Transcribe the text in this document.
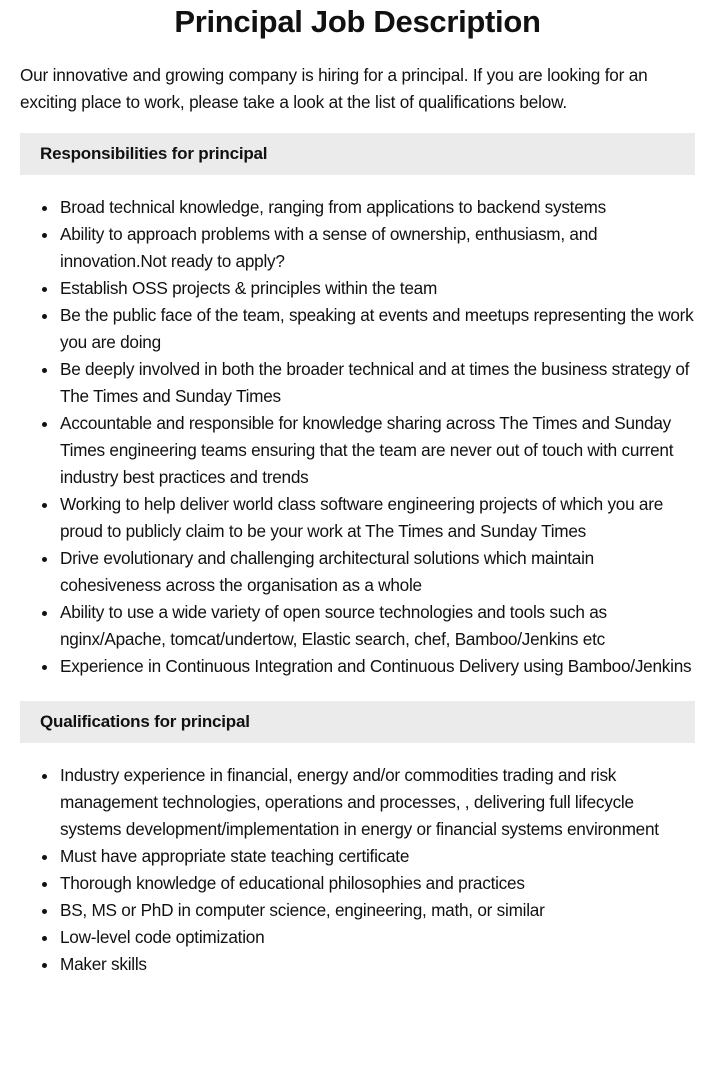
Principal Job Description

Our innovative and growing company is hiring for a principal. If you are looking for an exciting place to work, please take a look at the list of qualifications below.

Responsibilities for principal
Broad technical knowledge, ranging from applications to backend systems
Ability to approach problems with a sense of ownership, enthusiasm, and innovation.Not ready to apply?
Establish OSS projects & principles within the team
Be the public face of the team, speaking at events and meetups representing the work you are doing
Be deeply involved in both the broader technical and at times the business strategy of The Times and Sunday Times
Accountable and responsible for knowledge sharing across The Times and Sunday Times engineering teams ensuring that the team are never out of touch with current industry best practices and trends
Working to help deliver world class software engineering projects of which you are proud to publicly claim to be your work at The Times and Sunday Times
Drive evolutionary and challenging architectural solutions which maintain cohesiveness across the organisation as a whole
Ability to use a wide variety of open source technologies and tools such as nginx/Apache, tomcat/undertow, Elastic search, chef, Bamboo/Jenkins etc
Experience in Continuous Integration and Continuous Delivery using Bamboo/Jenkins
Qualifications for principal
Industry experience in financial, energy and/or commodities trading and risk management technologies, operations and processes, , delivering full lifecycle systems development/implementation in energy or financial systems environment
Must have appropriate state teaching certificate
Thorough knowledge of educational philosophies and practices
BS, MS or PhD in computer science, engineering, math, or similar
Low-level code optimization
Maker skills
